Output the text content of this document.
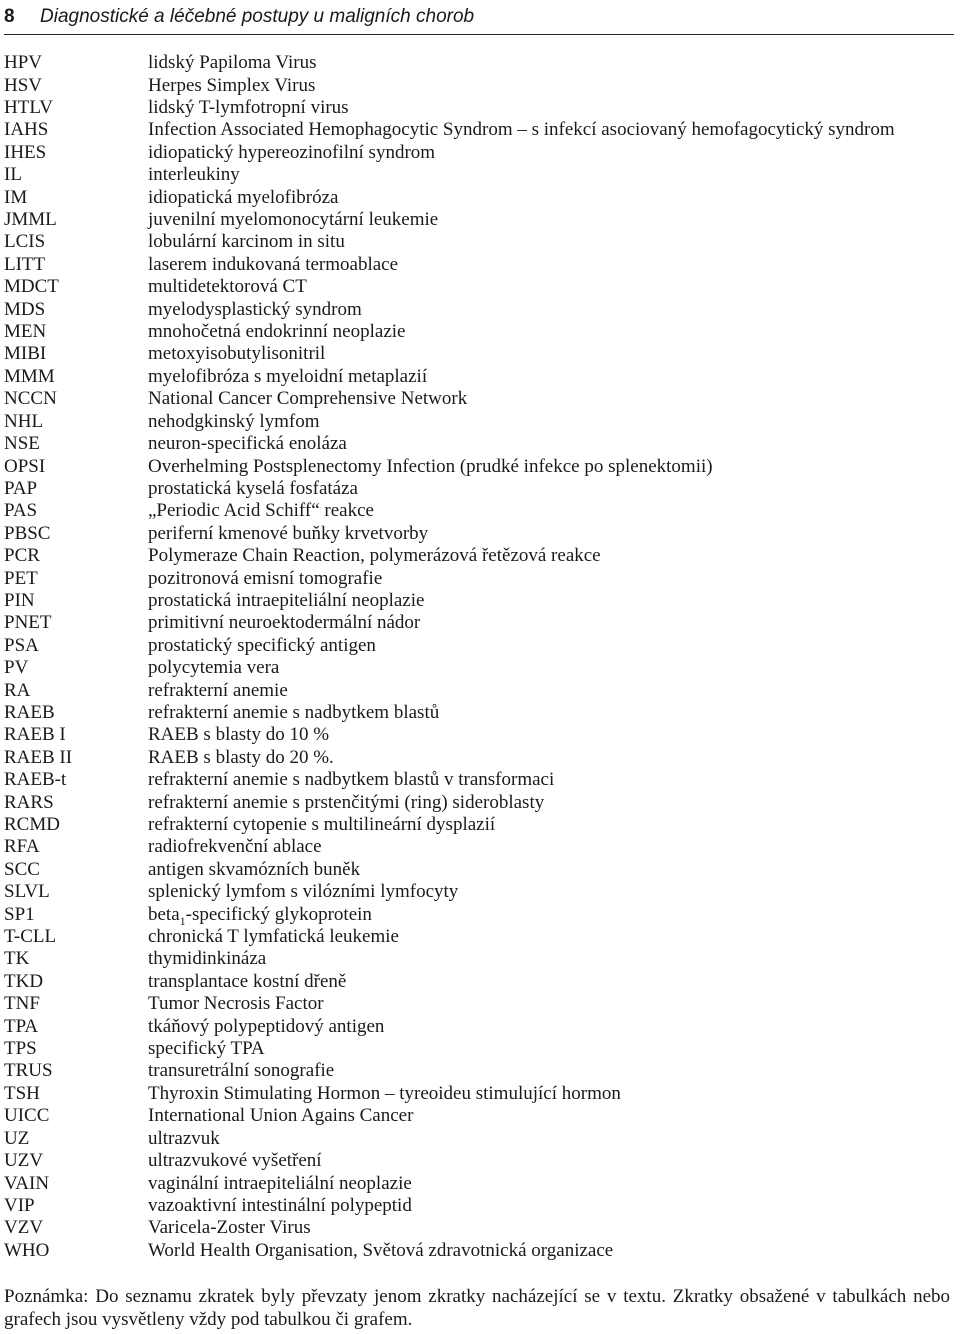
8	Diagnostické a léčebné postupy u maligních chorob
HPV	lidský Papiloma Virus
HSV	Herpes Simplex Virus
HTLV	lidský T-lymfotropní virus
IAHS	Infection Associated Hemophagocytic Syndrom – s infekcí asociovaný hemofagocytický syndrom
IHES	idiopatický hypereozinofilní syndrom
IL	interleukiny
IM	idiopatická myelofibróza
JMML	juvenilní myelomonocytární leukemie
LCIS	lobulární karcinom in situ
LITT	laserem indukovaná termoablace
MDCT	multidetektorová CT
MDS	myelodysplastický syndrom
MEN	mnohočetná endokrinní neoplazie
MIBI	metoxyisobutylisonitril
MMM	myelofibróza s myeloidní metaplazií
NCCN	National Cancer Comprehensive Network
NHL	nehodgkinský lymfom
NSE	neuron-specifická enoláza
OPSI	Overhelming Postsplenectomy Infection (prudké infekce po splenektomii)
PAP	prostatická kyselá fosfatáza
PAS	„Periodic Acid Schiff“ reakce
PBSC	periferní kmenové buňky krvetvorby
PCR	Polymeraze Chain Reaction, polymerázová řetězová reakce
PET	pozitronová emisní tomografie
PIN	prostatická intraepiteliální neoplazie
PNET	primitivní neuroektodermální nádor
PSA	prostatický specifický antigen
PV	polycytemia vera
RA	refrakterní anemie
RAEB	refrakterní anemie s nadbytkem blastů
RAEB I	RAEB s blasty do 10 %
RAEB II	RAEB s blasty do 20 %.
RAEB-t	refrakterní anemie s nadbytkem blastů v transformaci
RARS	refrakterní anemie s prstenčitými (ring) sideroblasty
RCMD	refrakterní cytopenie s multilineární dysplazií
RFA	radiofrekvenční ablace
SCC	antigen skvamózních buněk
SLVL	splenický lymfom s vilózními lymfocyty
SP1	beta$_1$-specifický glykoprotein
T-CLL	chronická T lymfatická leukemie
TK	thymidinkináza
TKD	transplantace kostní dřeně
TNF	Tumor Necrosis Factor
TPA	tkáňový polypeptidový antigen
TPS	specifický TPA
TRUS	transuretrální sonografie
TSH	Thyroxin Stimulating Hormon – tyreoideu stimulující hormon
UICC	International Union Agains Cancer
UZ	ultrazvuk
UZV	ultrazvukové vyšetření
VAIN	vaginální intraepiteliální neoplazie
VIP	vazoaktivní intestinální polypeptid
VZV	Varicela-Zoster Virus
WHO	World Health Organisation, Světová zdravotnická organizace
Poznámka: Do seznamu zkratek byly převzaty jenom zkratky nacházející se v textu. Zkratky obsažené v tabulkách nebo grafech jsou vysvětleny vždy pod tabulkou či grafem.
